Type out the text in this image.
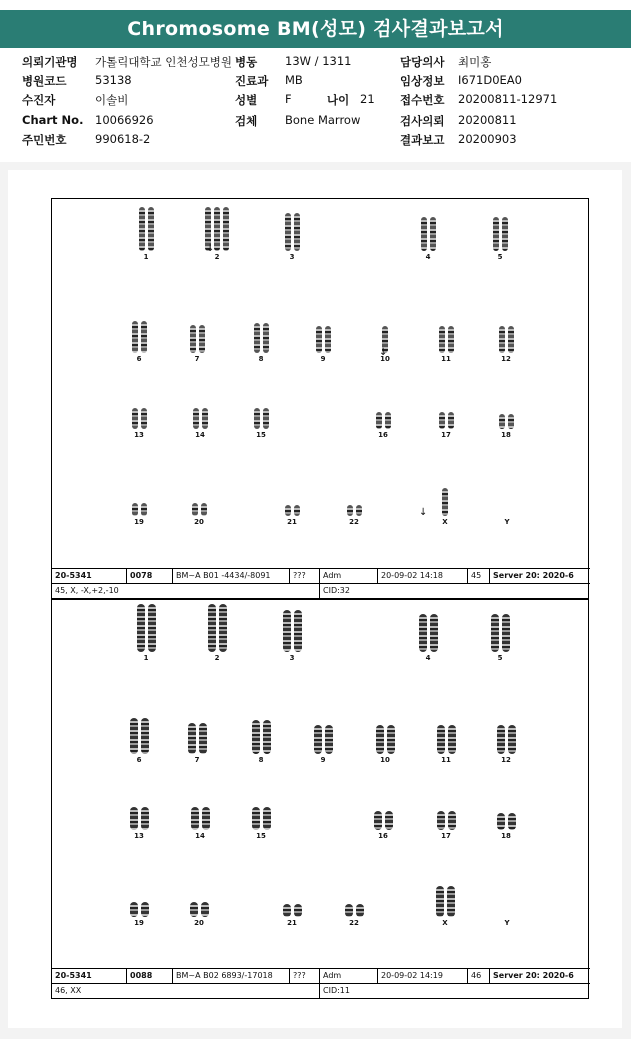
Chromosome BM(성모) 검사결과보고서
의뢰기관명 가톨릭대학교 인천성모병원 병동 13W / 1311	담당의사 최미홍
병원코드 53138	진료과 MB	임상정보 I671D0EA0
수진자	이솔비	성별 F	나이 21 접수번호 20200811-12971
Chart No. 10066926	검체 Bone Marrow	검사의뢰 20200811
주민번호 990618-2	결과보고 20200903
20-5341	0078	BM~A B01 -4434/-8091	???	Adm	20-09-02 14:18	45	Server 20: 2020-6
45, X, -X,+2,-10	CID:32
1	2	3	4	5
6	7	8	9	10	11	12
13	14	15	16	17	18
19	20	21	22	X	Y
↓
↓
↓
20-5341	0088	BM~A B02 6893/-17018	???	Adm	20-09-02 14:19	46	Server 20: 2020-6
46, XX	CID:11
1	2	3	4	5
6	7	8	9	10	11	12
13	14	15	16	17	18
19	20	21	22	X	Y
